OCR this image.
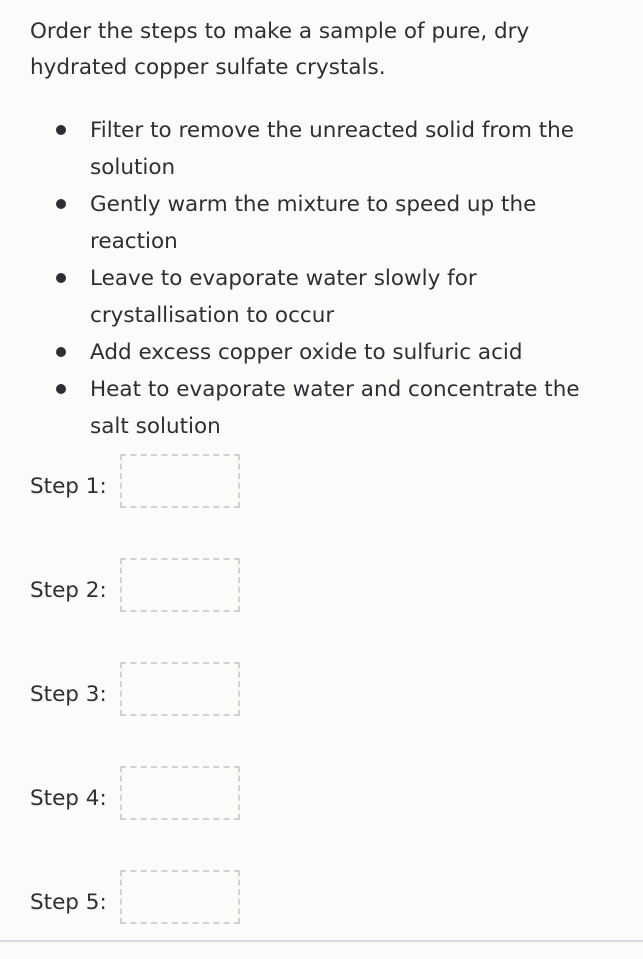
Order the steps to make a sample of pure, dry hydrated copper sulfate crystals.

Filter to remove the unreacted solid from the solution
Gently warm the mixture to speed up the reaction
Leave to evaporate water slowly for crystallisation to occur
Add excess copper oxide to sulfuric acid
Heat to evaporate water and concentrate the salt solution
Step 1:
Step 2:
Step 3:
Step 4:
Step 5:
